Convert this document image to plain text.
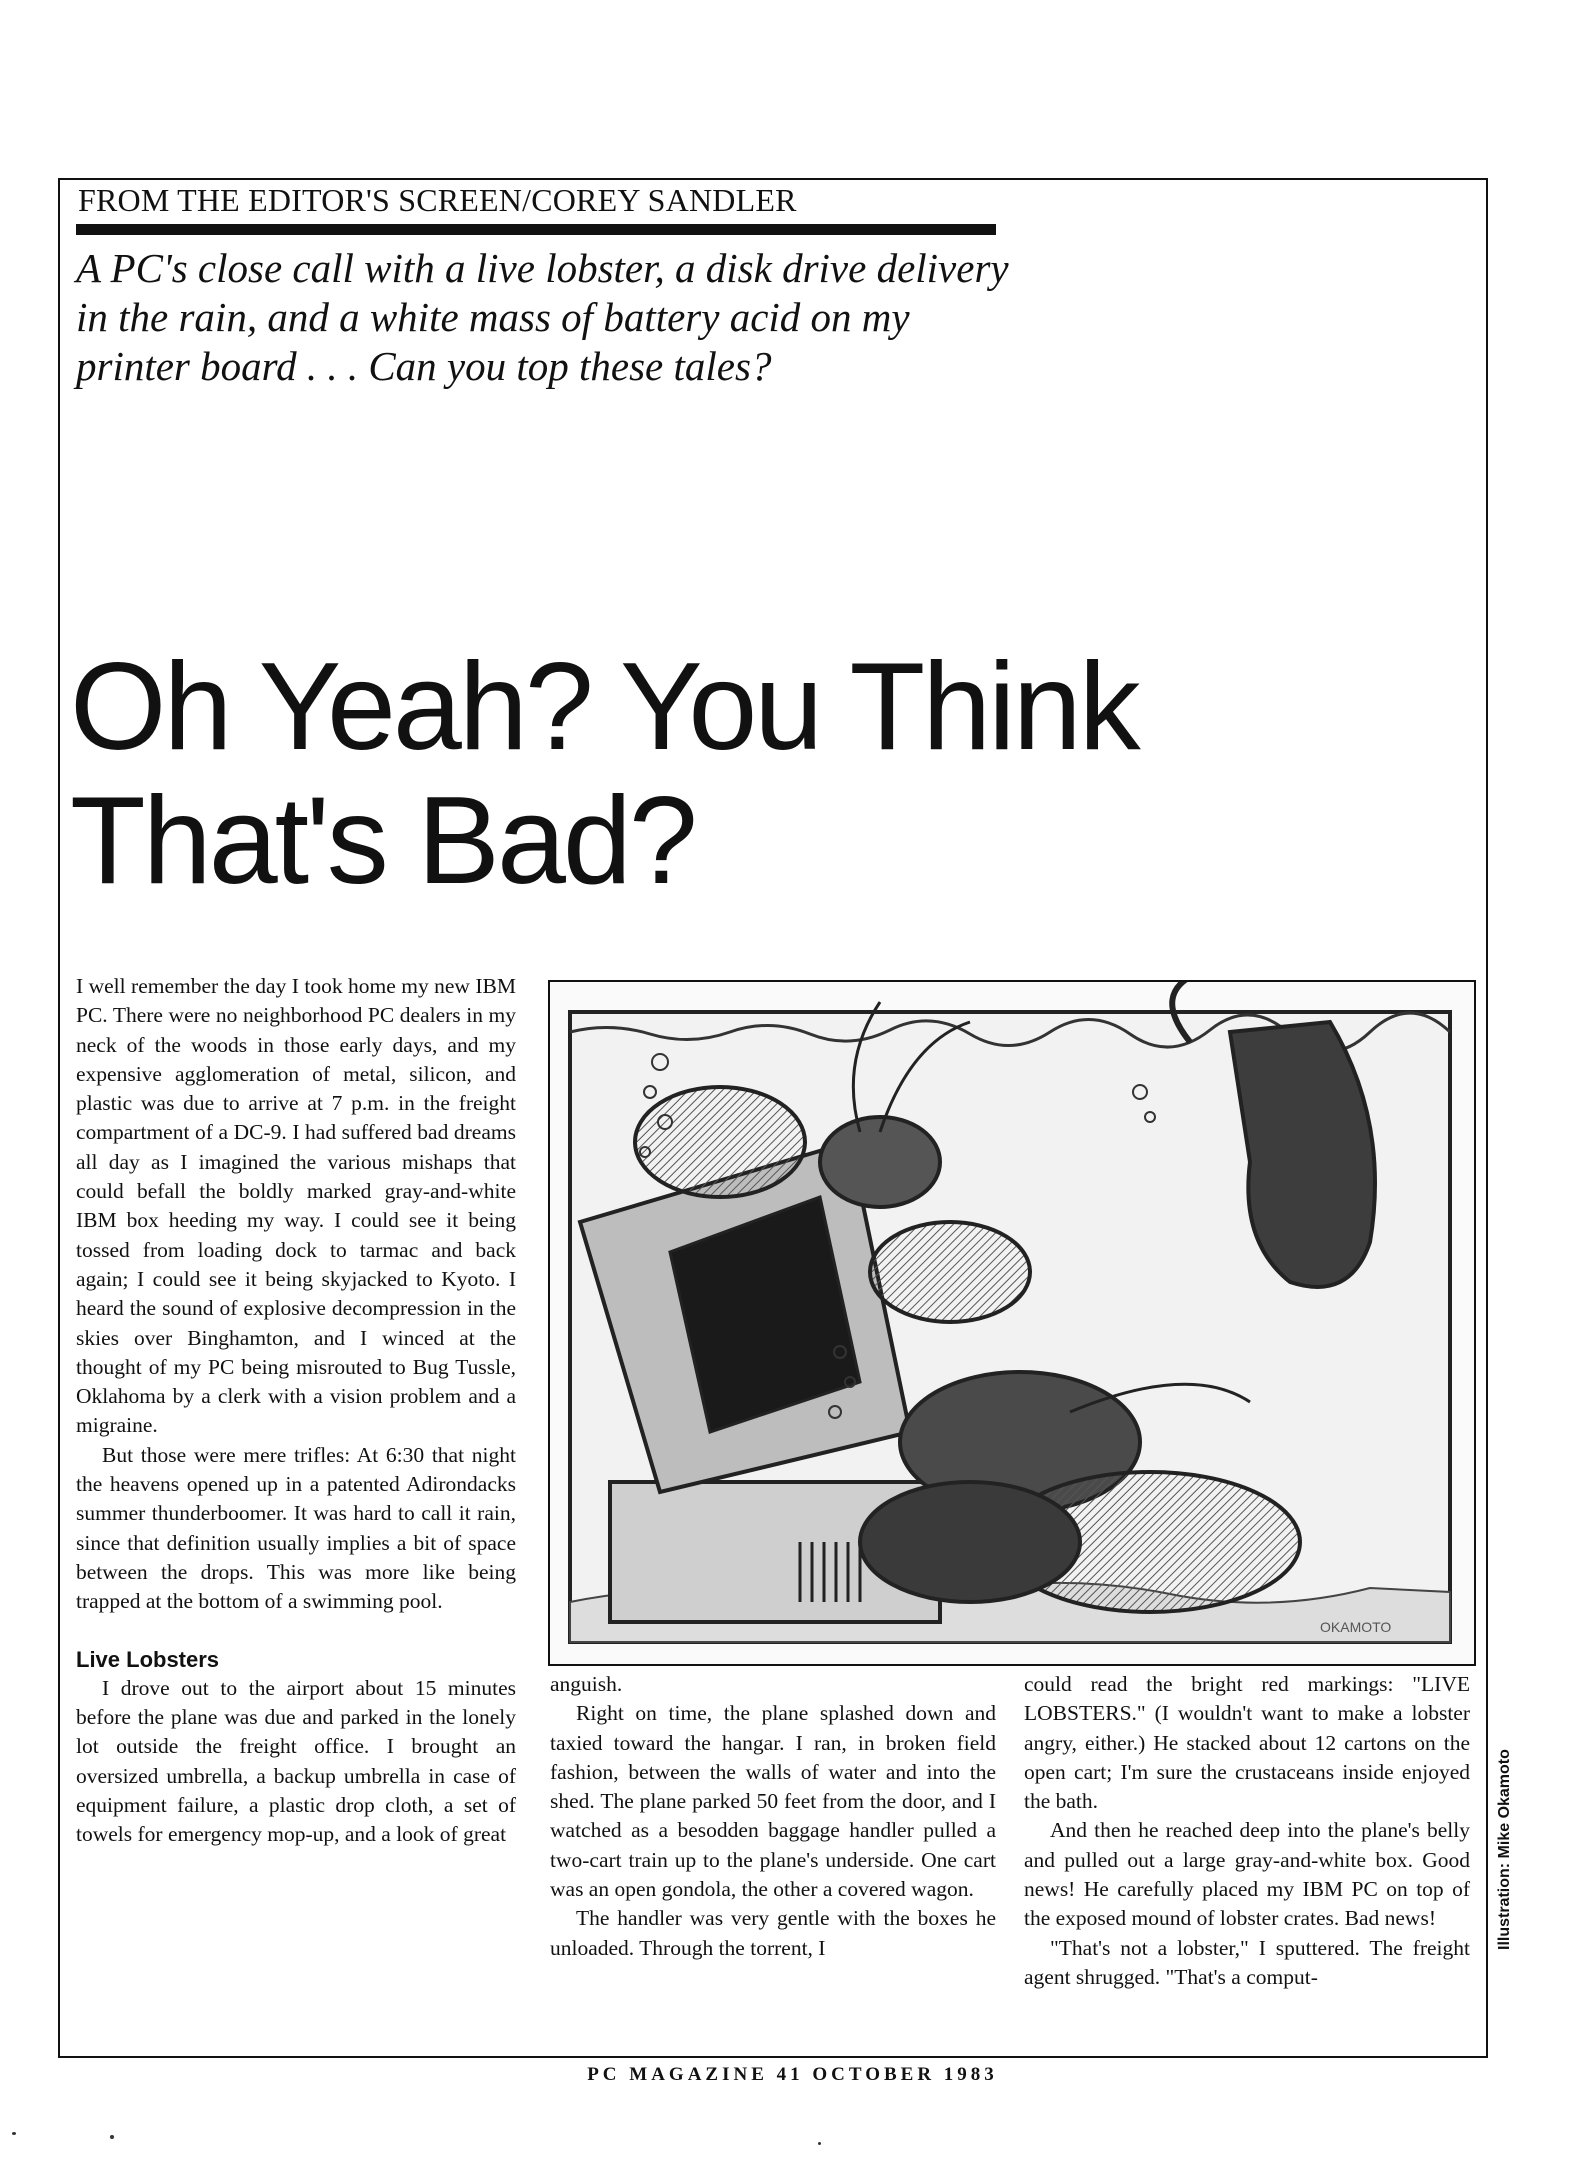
FROM THE EDITOR'S SCREEN/COREY SANDLER
A PC's close call with a live lobster, a disk drive delivery in the rain, and a white mass of battery acid on my printer board . . . Can you top these tales?
Oh Yeah? You Think
That's Bad?
OKAMOTO

I well remember the day I took home my new IBM PC. There were no neighborhood PC dealers in my neck of the woods in those early days, and my expensive agglomeration of metal, silicon, and plastic was due to arrive at 7 p.m. in the freight compartment of a DC-9. I had suffered bad dreams all day as I imagined the various mishaps that could befall the boldly marked gray-and-white IBM box heeding my way. I could see it being tossed from loading dock to tarmac and back again; I could see it being skyjacked to Kyoto. I heard the sound of explosive decompression in the skies over Binghamton, and I winced at the thought of my PC being misrouted to Bug Tussle, Oklahoma by a clerk with a vision problem and a migraine.

But those were mere trifles: At 6:30 that night the heavens opened up in a patented Adirondacks summer thunderboomer. It was hard to call it rain, since that definition usually implies a bit of space between the drops. This was more like being trapped at the bottom of a swimming pool.

Live Lobsters

I drove out to the airport about 15 minutes before the plane was due and parked in the lonely lot outside the freight office. I brought an oversized umbrella, a backup umbrella in case of equipment failure, a plastic drop cloth, a set of towels for emergency mop-up, and a look of great

anguish.

Right on time, the plane splashed down and taxied toward the hangar. I ran, in broken field fashion, between the walls of water and into the shed. The plane parked 50 feet from the door, and I watched as a besodden baggage handler pulled a two-cart train up to the plane's underside. One cart was an open gondola, the other a covered wagon.

The handler was very gentle with the boxes he unloaded. Through the torrent, I

could read the bright red markings: "LIVE LOBSTERS." (I wouldn't want to make a lobster angry, either.) He stacked about 12 cartons on the open cart; I'm sure the crustaceans inside enjoyed the bath.

And then he reached deep into the plane's belly and pulled out a large gray-and-white box. Good news! He carefully placed my IBM PC on top of the exposed mound of lobster crates. Bad news!

"That's not a lobster," I sputtered. The freight agent shrugged. "That's a comput-

Illustration: Mike Okamoto
PC MAGAZINE 41 OCTOBER 1983
